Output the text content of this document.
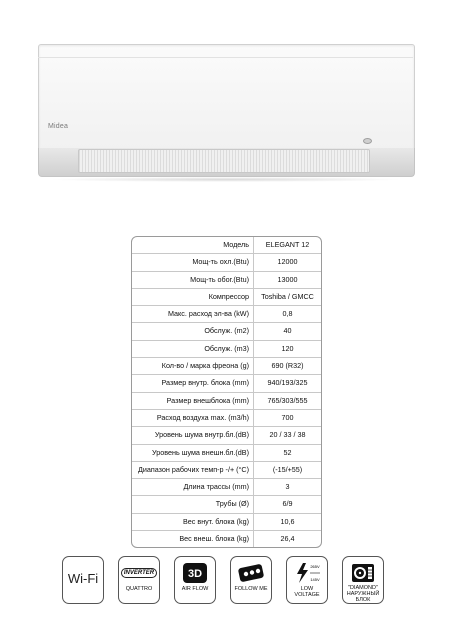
Midea
Модель	ELEGANT 12
Мощ-ть охл.(Btu)	12000
Мощ-ть обог.(Btu)	13000
Компрессор	Toshiba / GMCC
Макс. расход эл-ва (kW)	0,8
Обслуж. (m2)	40
Обслуж. (m3)	120
Кол-во / марка фреона (g)	690 (R32)
Размер внутр. блока (mm)	940/193/325
Размер внешблока (mm)	765/303/555
Расход воздуха max. (m3/h)	700
Уровень шума внутр.бл.(dB)	20 / 33 / 38
Уровень шума внешн.бл.(dB)	52
Диапазон рабочих темп-р -/+ (°C)	(-15/+55)
Длина трассы (mm)	3
Трубы (Ø)	6/9
Вес внут. блока (kg)	10,6
Вес внеш. блока (kg)	26,4
Wi-Fi	INVERTER
QUATTRO
3D
AIR FLOW	FOLLOW ME
265V
145V
LOW
VOLTAGE
"DIAMOND"
НАРУЖНЫЙ
БЛОК
